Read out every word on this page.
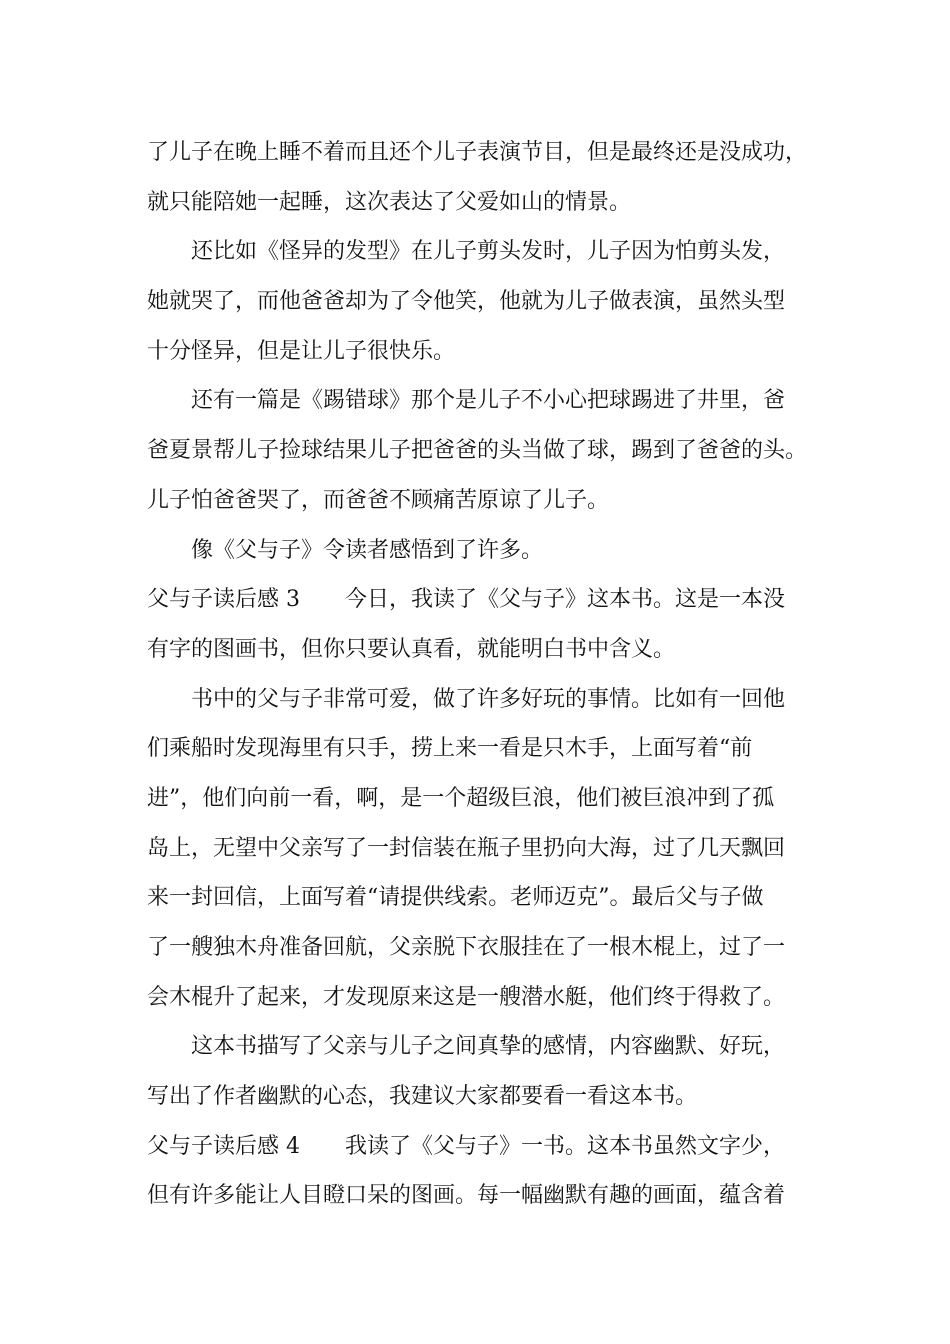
了儿子在晚上睡不着而且还个儿子表演节目，但是最终还是没成功，
就只能陪她一起睡，这次表达了父爱如山的情景。
还比如《怪异的发型》在儿子剪头发时，儿子因为怕剪头发，
她就哭了，而他爸爸却为了令他笑，他就为儿子做表演，虽然头型
十分怪异，但是让儿子很快乐。
还有一篇是《踢错球》那个是儿子不小心把球踢进了井里，爸
爸夏景帮儿子捡球结果儿子把爸爸的头当做了球，踢到了爸爸的头。
儿子怕爸爸哭了，而爸爸不顾痛苦原谅了儿子。
像《父与子》令读者感悟到了许多。
父与子读后感 3 今日，我读了《父与子》这本书。这是一本没
有字的图画书，但你只要认真看，就能明白书中含义。
书中的父与子非常可爱，做了许多好玩的事情。比如有一回他
们乘船时发现海里有只手，捞上来一看是只木手，上面写着“前
进”，他们向前一看，啊，是一个超级巨浪，他们被巨浪冲到了孤
岛上，无望中父亲写了一封信装在瓶子里扔向大海，过了几天飘回
来一封回信，上面写着“请提供线索。老师迈克”。最后父与子做
了一艘独木舟准备回航，父亲脱下衣服挂在了一根木棍上，过了一
会木棍升了起来，才发现原来这是一艘潜水艇，他们终于得救了。
这本书描写了父亲与儿子之间真挚的感情，内容幽默、好玩，
写出了作者幽默的心态，我建议大家都要看一看这本书。
父与子读后感 4 我读了《父与子》一书。这本书虽然文字少，
但有许多能让人目瞪口呆的图画。每一幅幽默有趣的画面，蕴含着
